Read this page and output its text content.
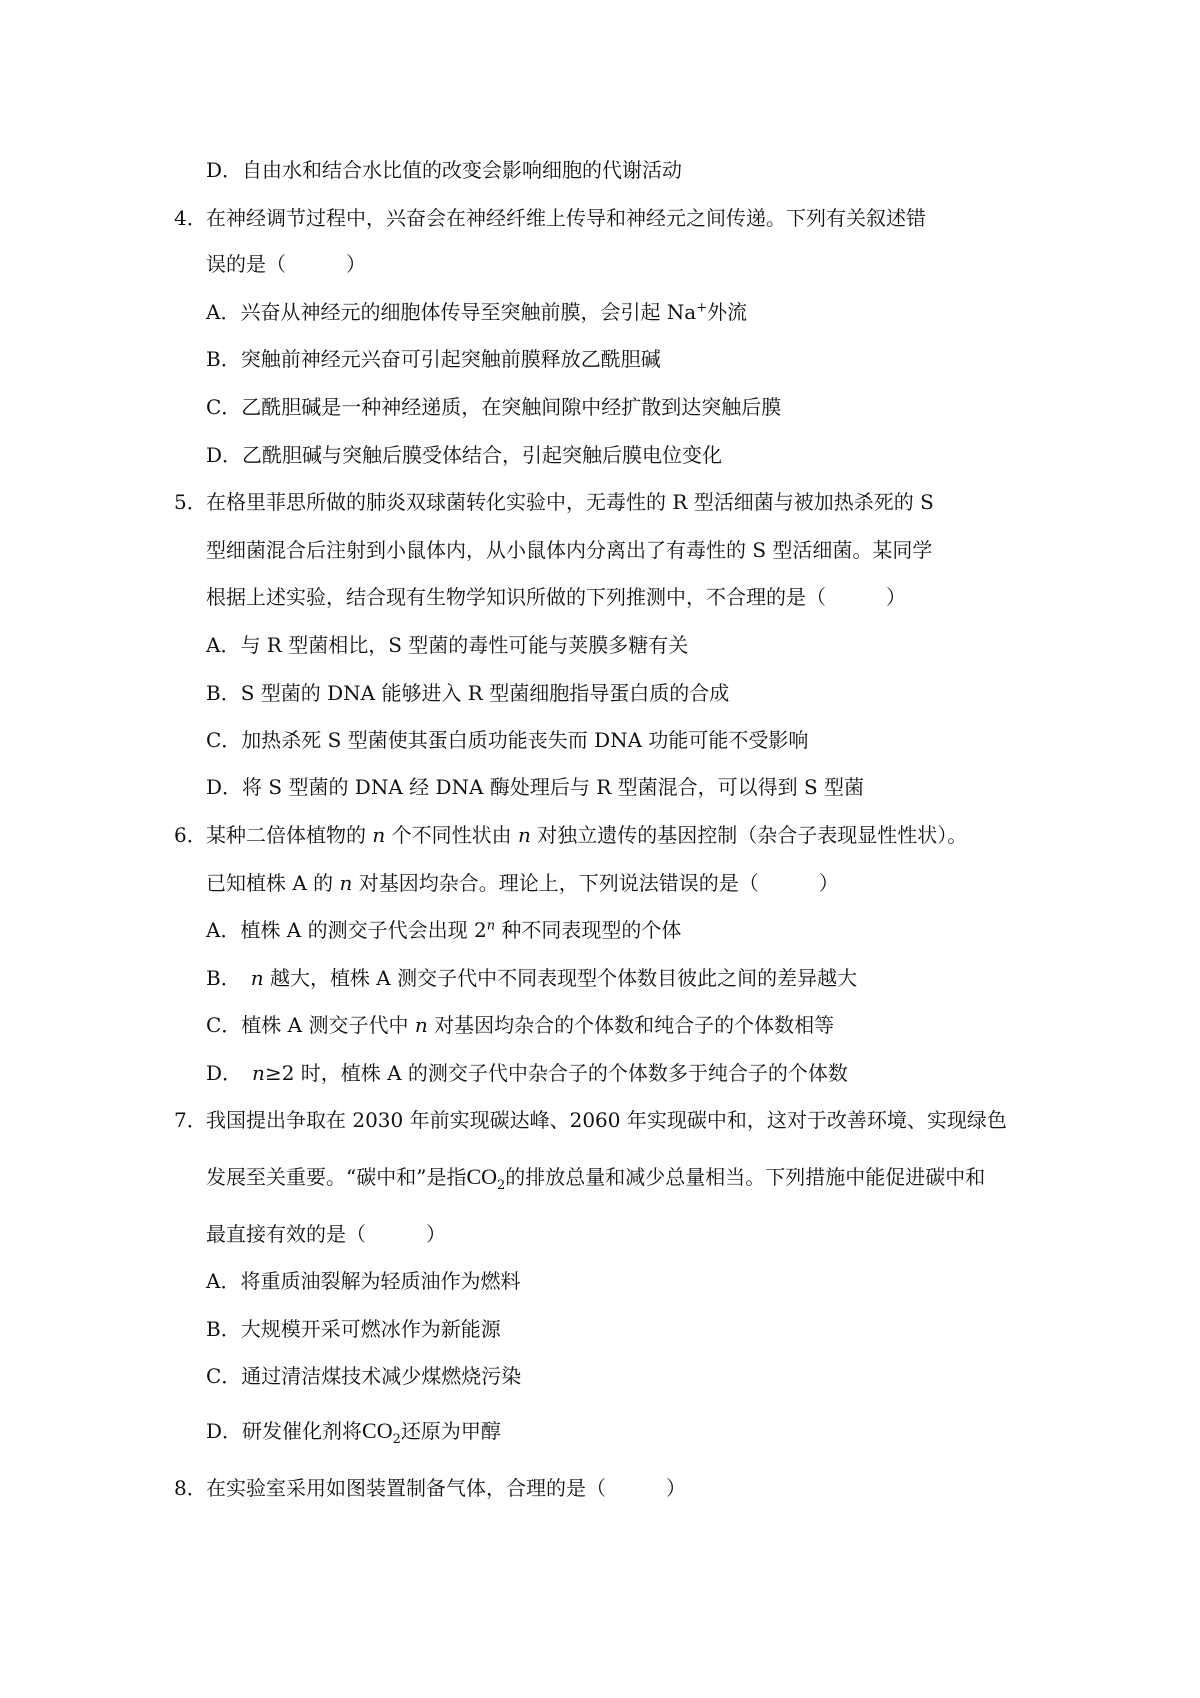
D．自由水和结合水比值的改变会影响细胞的代谢活动
4． 在神经调节过程中，兴奋会在神经纤维上传导和神经元之间传递。下列有关叙述错
误的是（　　　）
A．兴奋从神经元的细胞体传导至突触前膜，会引起 Na+外流
B．突触前神经元兴奋可引起突触前膜释放乙酰胆碱
C．乙酰胆碱是一种神经递质，在突触间隙中经扩散到达突触后膜
D．乙酰胆碱与突触后膜受体结合，引起突触后膜电位变化
5． 在格里菲思所做的肺炎双球菌转化实验中，无毒性的 R 型活细菌与被加热杀死的 S
型细菌混合后注射到小鼠体内，从小鼠体内分离出了有毒性的 S 型活细菌。某同学
根据上述实验，结合现有生物学知识所做的下列推测中，不合理的是（　　　）
A．与 R 型菌相比，S 型菌的毒性可能与荚膜多糖有关
B．S 型菌的 DNA 能够进入 R 型菌细胞指导蛋白质的合成
C．加热杀死 S 型菌使其蛋白质功能丧失而 DNA 功能可能不受影响
D．将 S 型菌的 DNA 经 DNA 酶处理后与 R 型菌混合，可以得到 S 型菌
6． 某种二倍体植物的 n 个不同性状由 n 对独立遗传的基因控制（杂合子表现显性性状）。
已知植株 A 的 n 对基因均杂合。理论上，下列说法错误的是（　　　）
A．植株 A 的测交子代会出现 2$^n$ 种不同表现型的个体
B．　n 越大，植株 A 测交子代中不同表现型个体数目彼此之间的差异越大
C．植株 A 测交子代中 n 对基因均杂合的个体数和纯合子的个体数相等
D．　n≥2 时，植株 A 的测交子代中杂合子的个体数多于纯合子的个体数
7． 我国提出争取在 2030 年前实现碳达峰、2060 年实现碳中和，这对于改善环境、实现绿色
发展至关重要。“碳中和”是指$CO_2$的排放总量和减少总量相当。下列措施中能促进碳中和
最直接有效的是（　　　）
A．将重质油裂解为轻质油作为燃料
B．大规模开采可燃冰作为新能源
C．通过清洁煤技术减少煤燃烧污染
D．研发催化剂将$CO_2$还原为甲醇
8． 在实验室采用如图装置制备气体，合理的是（　　　）
